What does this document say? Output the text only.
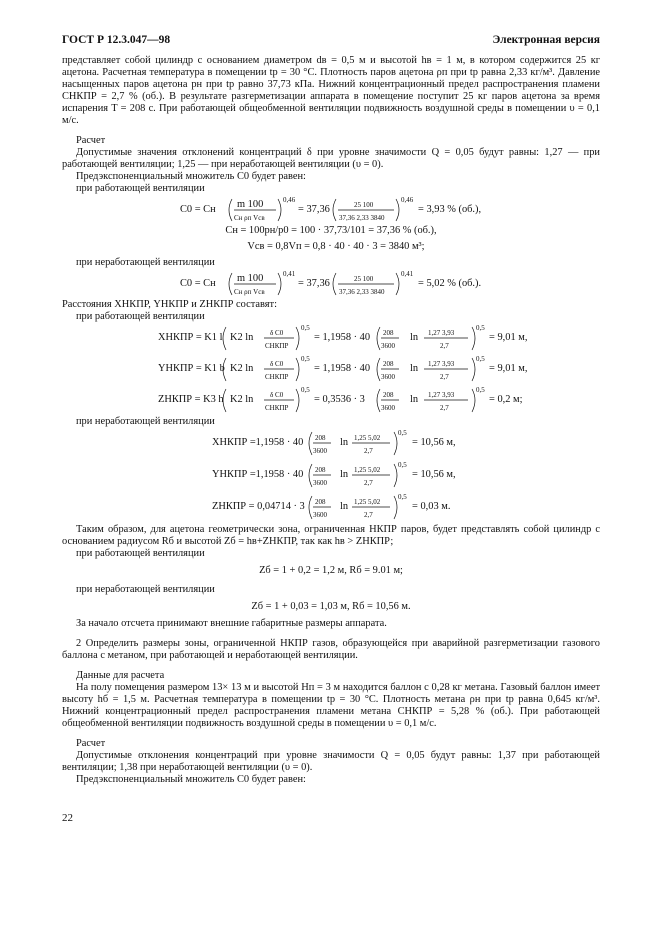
ГОСТ Р 12.3.047—98	Электронная версия

представляет собой цилиндр с основанием диаметром dв = 0,5 м и высотой hв = 1 м, в котором содержится 25 кг ацетона. Расчетная температура в помещении tр = 30 °С. Плотность паров ацетона ρп при tр равна 2,33 кг/м³. Давление насыщенных паров ацетона pн при tр равно 37,73 кПа. Нижний концентрационный предел распространения пламени CНКПР = 2,7 % (об.). В результате разгерметизации аппарата в помещение поступит 25 кг паров ацетона за время испарения T = 208 с. При работающей общеобменной вентиляции подвижность воздушной среды в помещении υ = 0,1 м/с.

Расчет

Допустимые значения отклонений концентраций δ при уровне значимости Q = 0,05 будут равны: 1,27 — при работающей вентиляции; 1,25 — при неработающей вентиляции (υ = 0).

Предэкспоненциальный множитель C0 будет равен:

при работающей вентиляции

C0 = Cн m 100
Cн ρп Vсв
0,46
= 37,36	25 100
37,36 2,33 3840
0,46
= 3,93 % (об.),

Cн = 100pн/p0 = 100 · 37,73/101 = 37,36 % (об.),

Vсв = 0,8Vп = 0,8 · 40 · 40 · 3 = 3840 м³;

при неработающей вентиляции

C0 = Cн m 100
Cн ρп Vсв
0,41
= 37,36	25 100
37,36 2,33 3840
0,41
= 5,02 % (об.).

Расстояния XНКПР, YНКПР и ZНКПР составят:

при работающей вентиляции

XНКПР = K1 l K2 ln δ C0
CНКПР
0,5
= 1,1958 · 40 208
3600
ln 1,27 3,93
2,7
0,5
= 9,01 м,
YНКПР = K1 b K2 ln δ C0
CНКПР
0,5
= 1,1958 · 40 208
3600
ln 1,27 3,93
2,7
0,5
= 9,01 м,
ZНКПР = K3 h K2 ln δ C0
CНКПР
0,5
= 0,3536 · 3	208
3600
ln 1,27 3,93
2,7
0,5
= 0,2 м;

при неработающей вентиляции

XНКПР =1,1958 · 40 208
3600
ln 1,25 5,02
2,7
0,5
= 10,56 м,
YНКПР =1,1958 · 40 208
3600
ln 1,25 5,02
2,7
0,5
= 10,56 м,
ZНКПР = 0,04714 · 3 208
3600
ln 1,25 5,02
2,7
0,5
= 0,03 м.

Таким образом, для ацетона геометрически зона, ограниченная НКПР паров, будет представлять собой цилиндр с основанием радиусом Rб и высотой Zб = hв+ZНКПР, так как hв > ZНКПР;

при работающей вентиляции

Zб = 1 + 0,2 = 1,2 м, Rб = 9.01 м;

при неработающей вентиляции

Zб = 1 + 0,03 = 1,03 м, Rб = 10,56 м.

За начало отсчета принимают внешние габаритные размеры аппарата.

2 Определить размеры зоны, ограниченной НКПР газов, образующейся при аварийной разгерметизации газового баллона с метаном, при работающей и неработающей вентиляции.

Данные для расчета

На полу помещения размером 13× 13 м и высотой Hп = 3 м находится баллон с 0,28 кг метана. Газовый баллон имеет высоту hб = 1,5 м. Расчетная температура в помещении tр = 30 °С. Плотность метана ρн при tр равна 0,645 кг/м³. Нижний концентрационный предел распространения пламени метана CНКПР = 5,28 % (об.). При работающей общеобменной вентиляции подвижность воздушной среды в помещении υ = 0,1 м/с.

Расчет

Допустимые отклонения концентраций при уровне значимости Q = 0,05 будут равны: 1,37 при работающей вентиляции; 1,38 при неработающей вентиляции (υ = 0).

Предэкспоненциальный множитель C0 будет равен:

22
